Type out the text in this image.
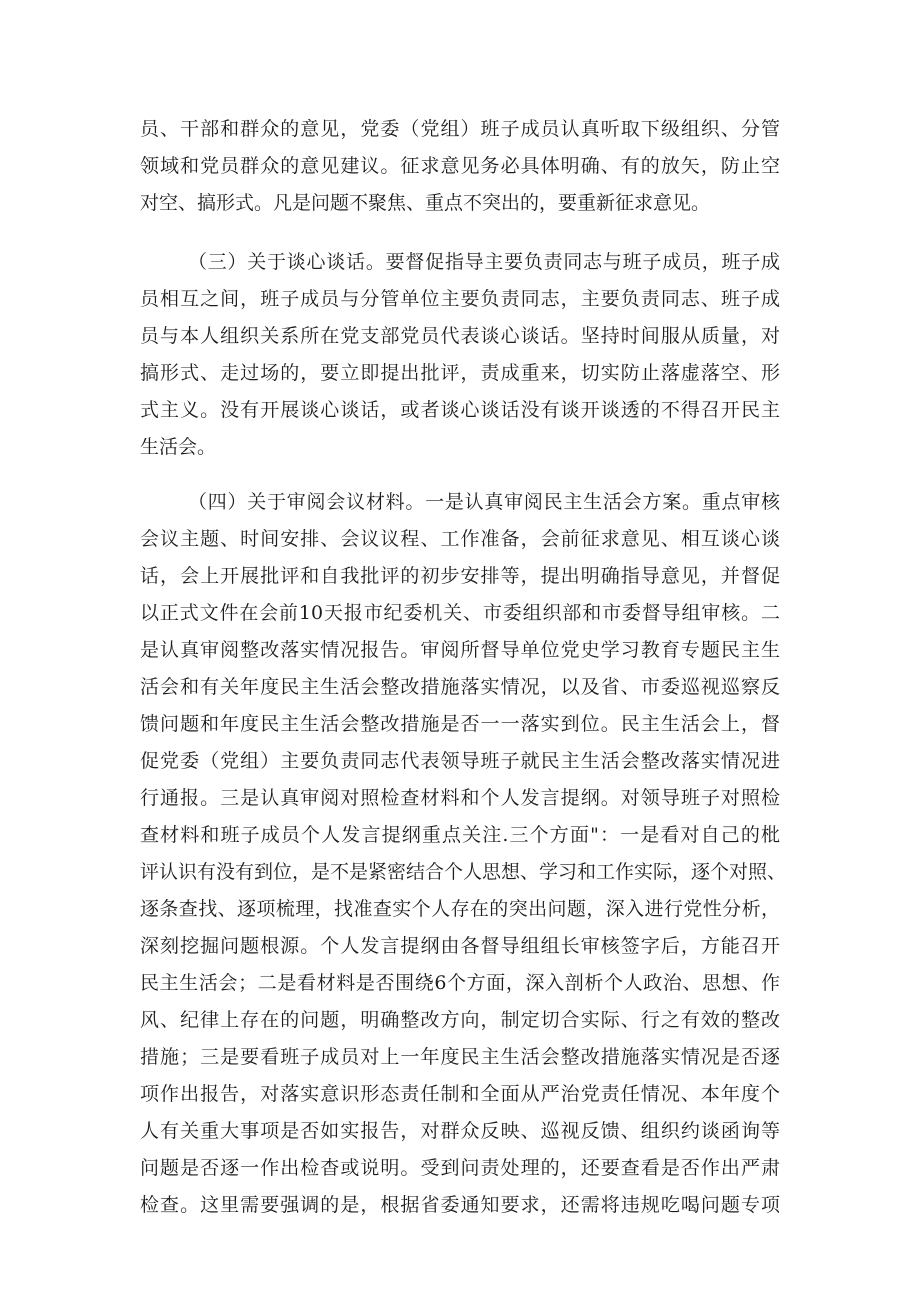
员、干部和群众的意见，党委（党组）班子成员认真听取下级组织、分管
领域和党员群众的意见建议。征求意见务必具体明确、有的放矢，防止空
对空、搞形式。凡是问题不聚焦、重点不突出的，要重新征求意见。
（三）关于谈心谈话。要督促指导主要负责同志与班子成员，班子成
员相互之间，班子成员与分管单位主要负责同志，主要负责同志、班子成
员与本人组织关系所在党支部党员代表谈心谈话。坚持时间服从质量，对
搞形式、走过场的，要立即提出批评，责成重来，切实防止落虚落空、形
式主义。没有开展谈心谈话，或者谈心谈话没有谈开谈透的不得召开民主
生活会。
（四）关于审阅会议材料。一是认真审阅民主生活会方案。重点审核
会议主题、时间安排、会议议程、工作准备，会前征求意见、相互谈心谈
话，会上开展批评和自我批评的初步安排等，提出明确指导意见，并督促
以正式文件在会前10天报市纪委机关、市委组织部和市委督导组审核。二
是认真审阅整改落实情况报告。审阅所督导单位党史学习教育专题民主生
活会和有关年度民主生活会整改措施落实情况，以及省、市委巡视巡察反
馈问题和年度民主生活会整改措施是否一一落实到位。民主生活会上，督
促党委（党组）主要负责同志代表领导班子就民主生活会整改落实情况进
行通报。三是认真审阅对照检查材料和个人发言提纲。对领导班子对照检
查材料和班子成员个人发言提纲重点关注.三个方面"：一是看对自己的枇
评认识有没有到位，是不是紧密结合个人思想、学习和工作实际，逐个对照、
逐条查找、逐项梳理，找准查实个人存在的突出问题，深入进行党性分析，
深刻挖掘问题根源。个人发言提纲由各督导组组长审核签字后，方能召开
民主生活会；二是看材料是否围绕6个方面，深入剖析个人政治、思想、作
风、纪律上存在的问题，明确整改方向，制定切合实际、行之有效的整改
措施；三是要看班子成员对上一年度民主生活会整改措施落实情况是否逐
项作出报告，对落实意识形态责任制和全面从严治党责任情况、本年度个
人有关重大事项是否如实报告，对群众反映、巡视反馈、组织约谈函询等
问题是否逐一作出检杳或说明。受到问责处理的，还要查看是否作出严肃
检查。这里需要强调的是，根据省委通知要求，还需将违规吃喝问题专项
